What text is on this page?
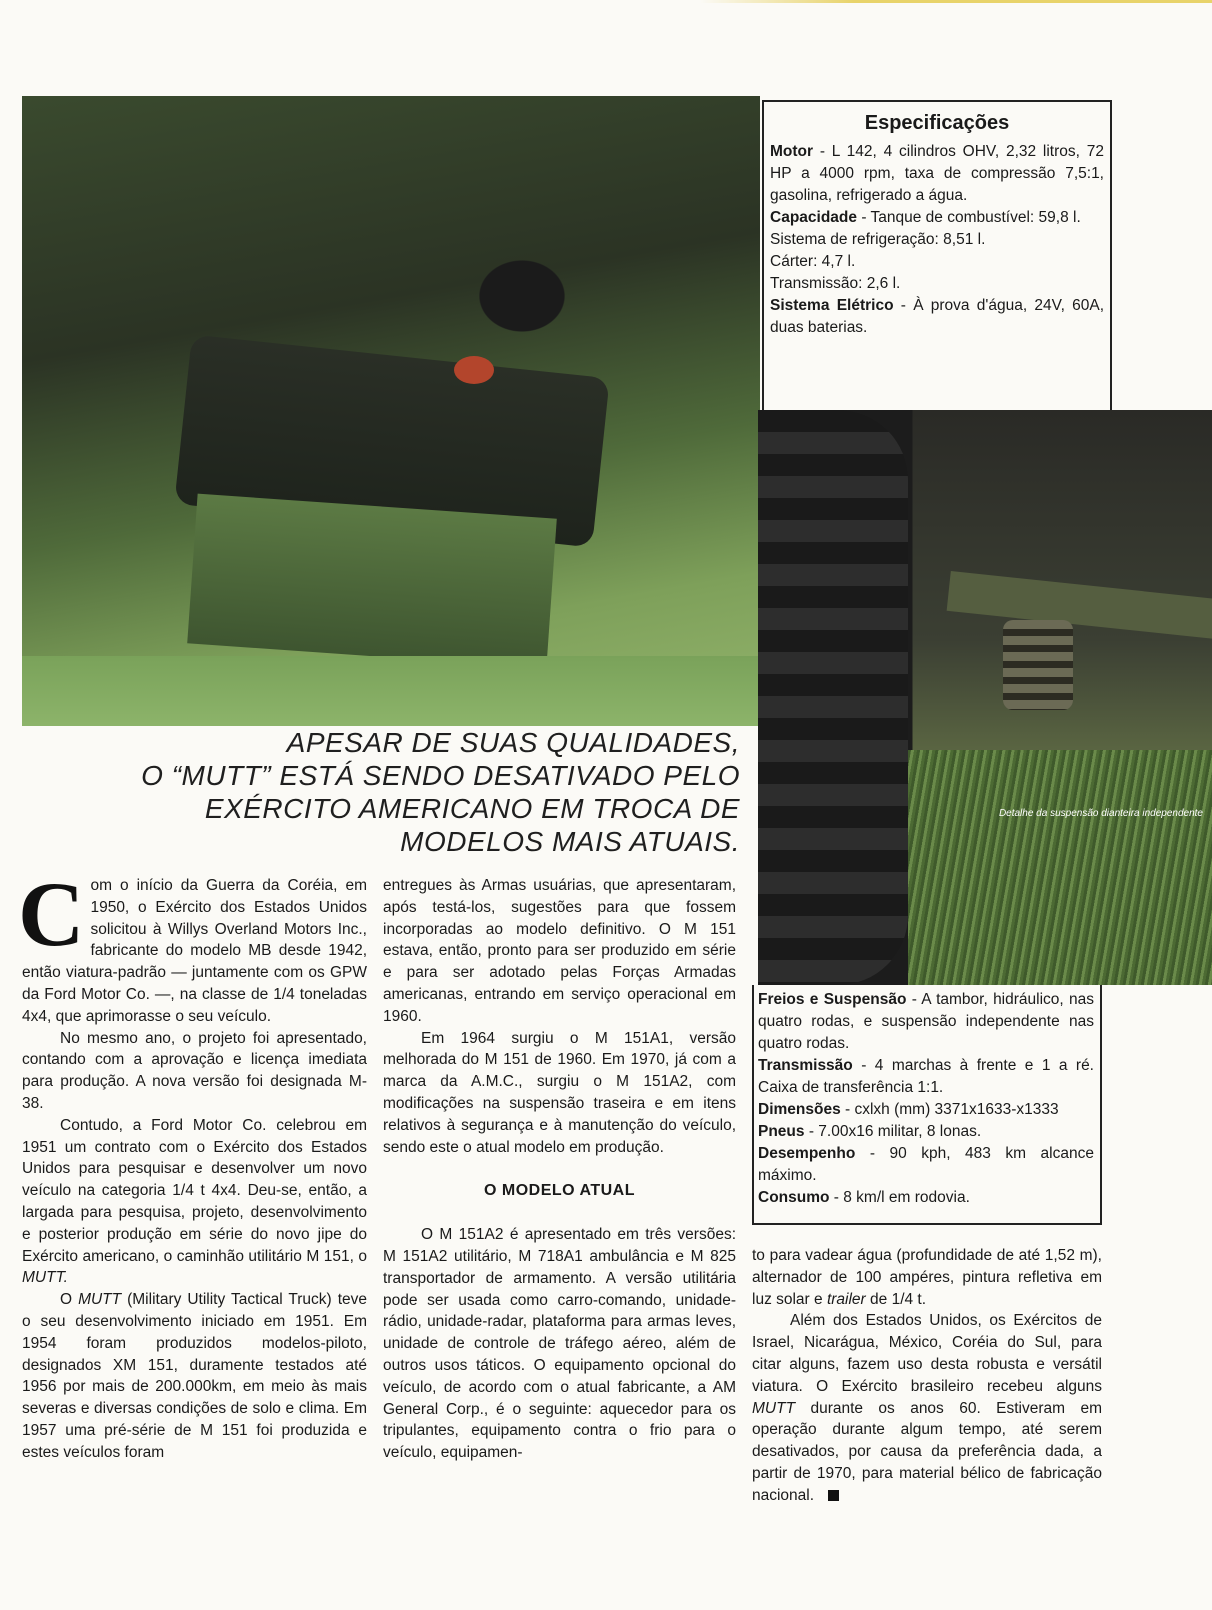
Especificações

Motor - L 142, 4 cilindros OHV, 2,32 litros, 72 HP a 4000 rpm, taxa de compressão 7,5:1, gasolina, refrigerado a água.

Capacidade - Tanque de combustível: 59,8 l.

Sistema de refrigeração: 8,51 l.

Cárter: 4,7 l.

Transmissão: 2,6 l.

Sistema Elétrico - À prova d'água, 24V, 60A, duas baterias.

Detalhe da suspensão dianteira independente

Freios e Suspensão - A tambor, hidráulico, nas quatro rodas, e suspensão independente nas quatro rodas.

Transmissão - 4 marchas à frente e 1 a ré. Caixa de transferência 1:1.

Dimensões - cxlxh (mm) 3371x1633-x1333

Pneus - 7.00x16 militar, 8 lonas.

Desempenho - 90 kph, 483 km alcance máximo.

Consumo - 8 km/l em rodovia.

APESAR DE SUAS QUALIDADES,
O “MUTT” ESTÁ SENDO DESATIVADO PELO
EXÉRCITO AMERICANO EM TROCA DE
MODELOS MAIS ATUAIS.

Com o início da Guerra da Coréia, em 1950, o Exército dos Estados Unidos solicitou à Willys Overland Motors Inc., fabricante do modelo MB desde 1942, então viatura-padrão — juntamente com os GPW da Ford Motor Co. —, na classe de 1/4 toneladas 4x4, que aprimorasse o seu veículo.

No mesmo ano, o projeto foi apresentado, contando com a aprovação e licença imediata para produção. A nova versão foi designada M-38.

Contudo, a Ford Motor Co. celebrou em 1951 um contrato com o Exército dos Estados Unidos para pesquisar e desenvolver um novo veículo na categoria 1/4 t 4x4. Deu-se, então, a largada para pesquisa, projeto, desenvolvimento e posterior produção em série do novo jipe do Exército americano, o caminhão utilitário M 151, o MUTT.

O MUTT (Military Utility Tactical Truck) teve o seu desenvolvimento iniciado em 1951. Em 1954 foram produzidos modelos-piloto, designados XM 151, duramente testados até 1956 por mais de 200.000km, em meio às mais severas e diversas condições de solo e clima. Em 1957 uma pré-série de M 151 foi produzida e estes veículos foram

entregues às Armas usuárias, que apresentaram, após testá-los, sugestões para que fossem incorporadas ao modelo definitivo. O M 151 estava, então, pronto para ser produzido em série e para ser adotado pelas Forças Armadas americanas, entrando em serviço operacional em 1960.

Em 1964 surgiu o M 151A1, versão melhorada do M 151 de 1960. Em 1970, já com a marca da A.M.C., surgiu o M 151A2, com modificações na suspensão traseira e em itens relativos à segurança e à manutenção do veículo, sendo este o atual modelo em produção.

O MODELO ATUAL

O M 151A2 é apresentado em três versões: M 151A2 utilitário, M 718A1 ambulância e M 825 transportador de armamento. A versão utilitária pode ser usada como carro-comando, unidade-rádio, unidade-radar, plataforma para armas leves, unidade de controle de tráfego aéreo, além de outros usos táticos. O equipamento opcional do veículo, de acordo com o atual fabricante, a AM General Corp., é o seguinte: aquecedor para os tripulantes, equipamento contra o frio para o veículo, equipamen-

to para vadear água (profundidade de até 1,52 m), alternador de 100 ampéres, pintura refletiva em luz solar e trailer de 1/4 t.

Além dos Estados Unidos, os Exércitos de Israel, Nicarágua, México, Coréia do Sul, para citar alguns, fazem uso desta robusta e versátil viatura. O Exército brasileiro recebeu alguns MUTT durante os anos 60. Estiveram em operação durante algum tempo, até serem desativados, por causa da preferência dada, a partir de 1970, para material bélico de fabricação nacional.
